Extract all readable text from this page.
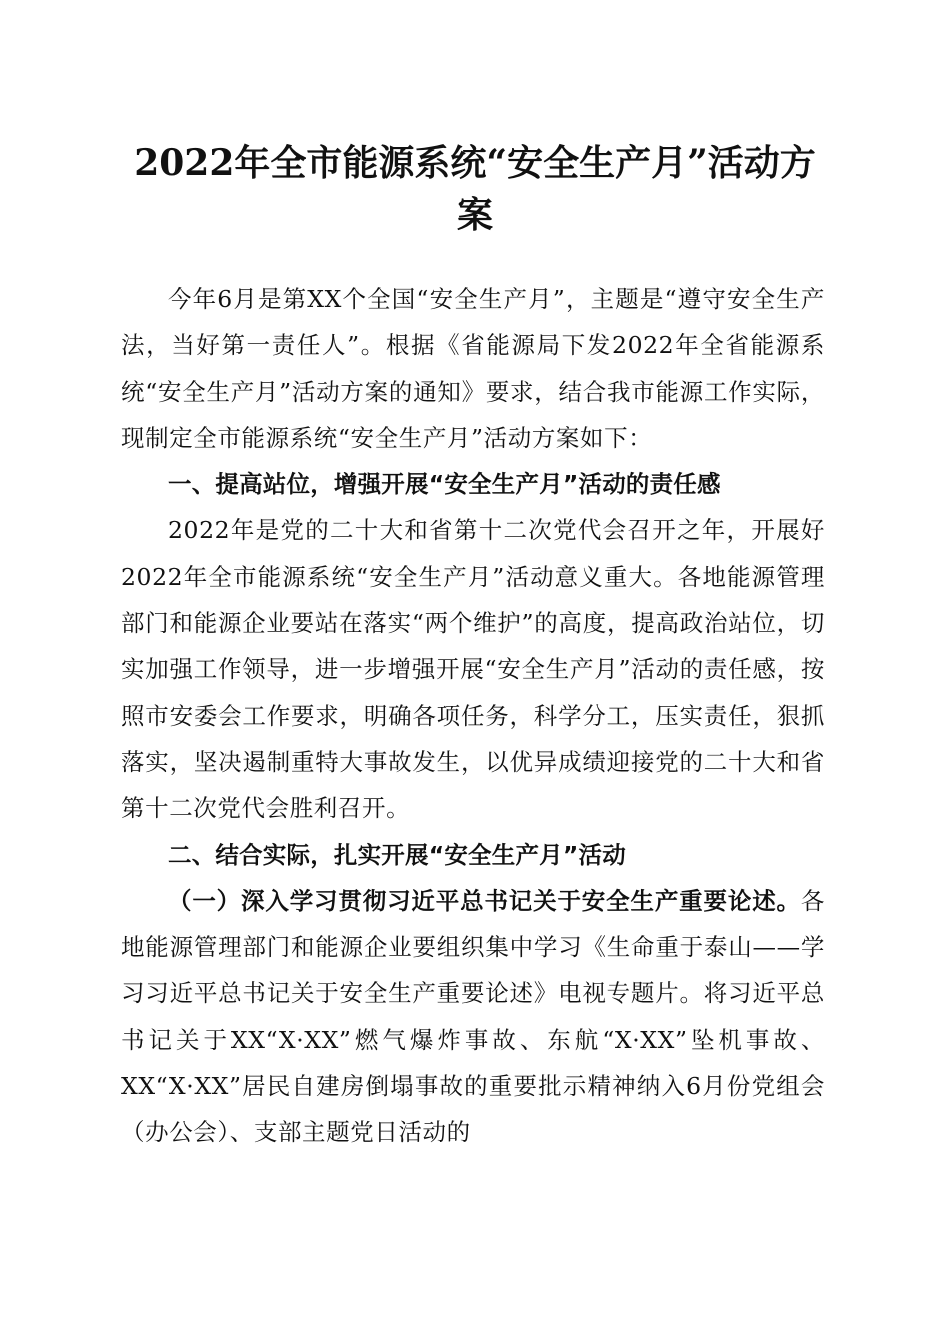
2022年全市能源系统“安全生产月”活动方案

今年6月是第XX个全国“安全生产月”，主题是“遵守安全生产法，当好第一责任人”。根据《省能源局下发2022年全省能源系统“安全生产月”活动方案的通知》要求，结合我市能源工作实际，现制定全市能源系统“安全生产月”活动方案如下：

一、提高站位，增强开展“安全生产月”活动的责任感

2022年是党的二十大和省第十二次党代会召开之年，开展好2022年全市能源系统“安全生产月”活动意义重大。各地能源管理部门和能源企业要站在落实“两个维护”的高度，提高政治站位，切实加强工作领导，进一步增强开展“安全生产月”活动的责任感，按照市安委会工作要求，明确各项任务，科学分工，压实责任，狠抓落实，坚决遏制重特大事故发生，以优异成绩迎接党的二十大和省第十二次党代会胜利召开。

二、结合实际，扎实开展“安全生产月”活动

（一）深入学习贯彻习近平总书记关于安全生产重要论述。各地能源管理部门和能源企业要组织集中学习《生命重于泰山——学习习近平总书记关于安全生产重要论述》电视专题片。将习近平总书记关于XX“X·XX”燃气爆炸事故、东航“X·XX”坠机事故、XX“X·XX”居民自建房倒塌事故的重要批示精神纳入6月份党组会（办公会）、支部主题党日活动的
